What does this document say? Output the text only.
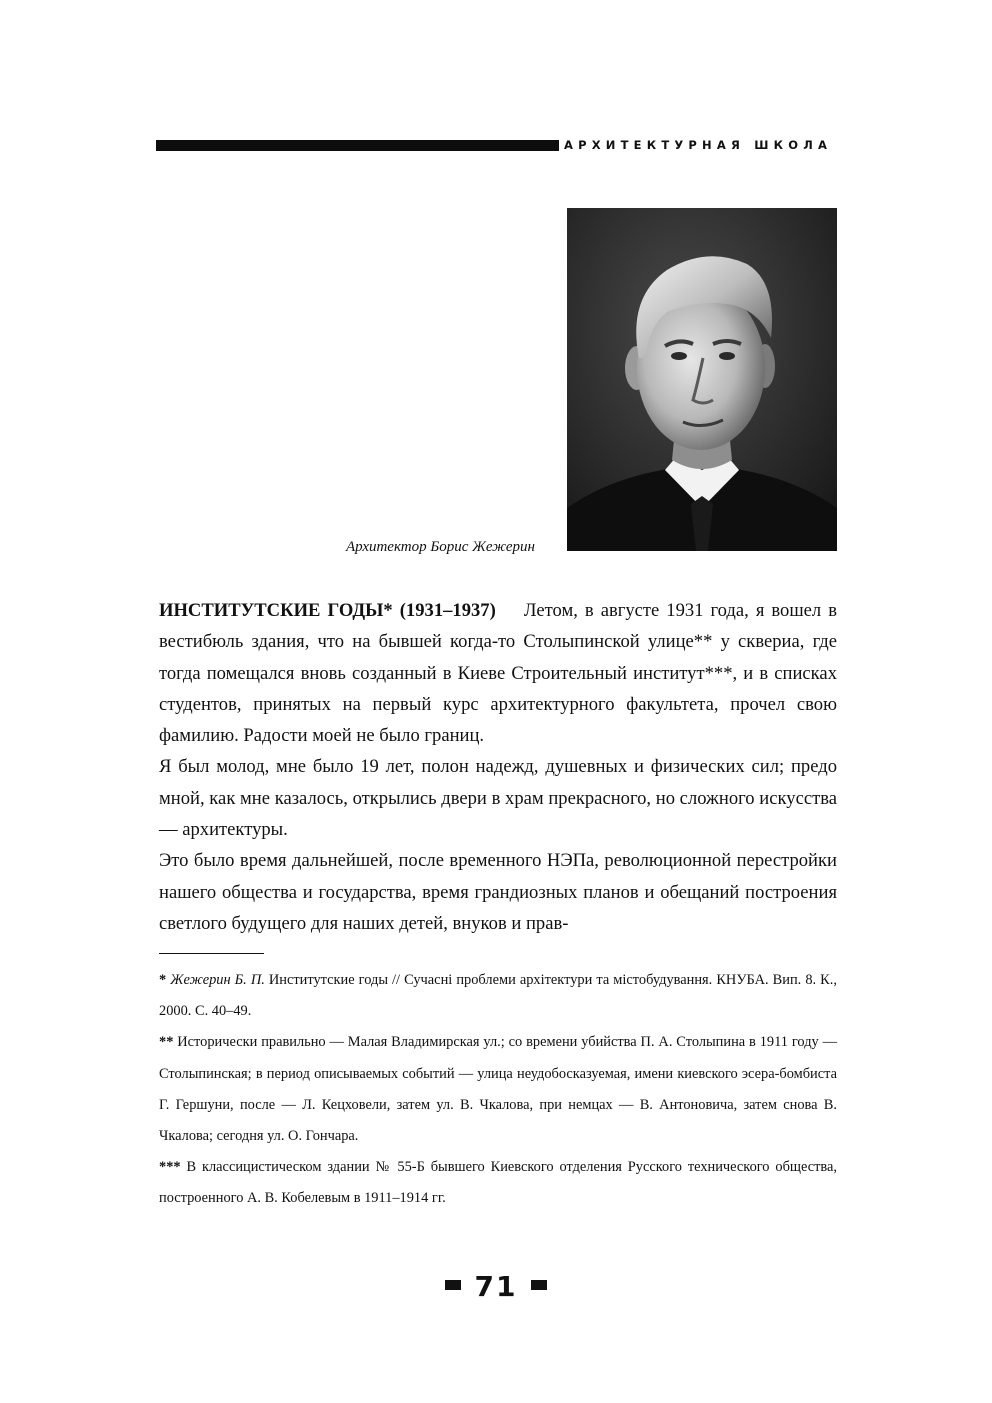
АРХИТЕКТУРНАЯ ШКОЛА
Архитектор Борис Жежерин

ИНСТИТУТСКИЕ ГОДЫ* (1931–1937) Летом, в августе 1931 года, я вошел в вестибюль здания, что на бывшей когда-то Столыпинской улице** у сквериа, где тогда помещался вновь созданный в Киеве Строительный институт***, и в списках студентов, принятых на первый курс архитектурного факультета, прочел свою фамилию. Радости моей не было границ.

Я был молод, мне было 19 лет, полон надежд, душевных и физических сил; предо мной, как мне казалось, открылись двери в храм прекрасного, но сложного искусства — архитектуры.

Это было время дальнейшей, после временного НЭПа, революционной перестройки нашего общества и государства, время грандиозных планов и обещаний построения светлого будущего для наших детей, внуков и прав-

* Жежерин Б. П. Институтские годы // Сучасні проблеми архітектури та містобудування. КНУБА. Вип. 8. К., 2000. С. 40–49.

** Исторически правильно — Малая Владимирская ул.; со времени убийства П. А. Столыпина в 1911 году — Столыпинская; в период описываемых событий — улица неудобосказуемая, имени киевского эсера-бомбиста Г. Гершуни, после — Л. Кецховели, затем ул. В. Чкалова, при немцах — В. Антоновича, затем снова В. Чкалова; сегодня ул. О. Гончара.

*** В классицистическом здании № 55-Б бывшего Киевского отделения Русского технического общества, построенного А. В. Кобелевым в 1911–1914 гг.

71
